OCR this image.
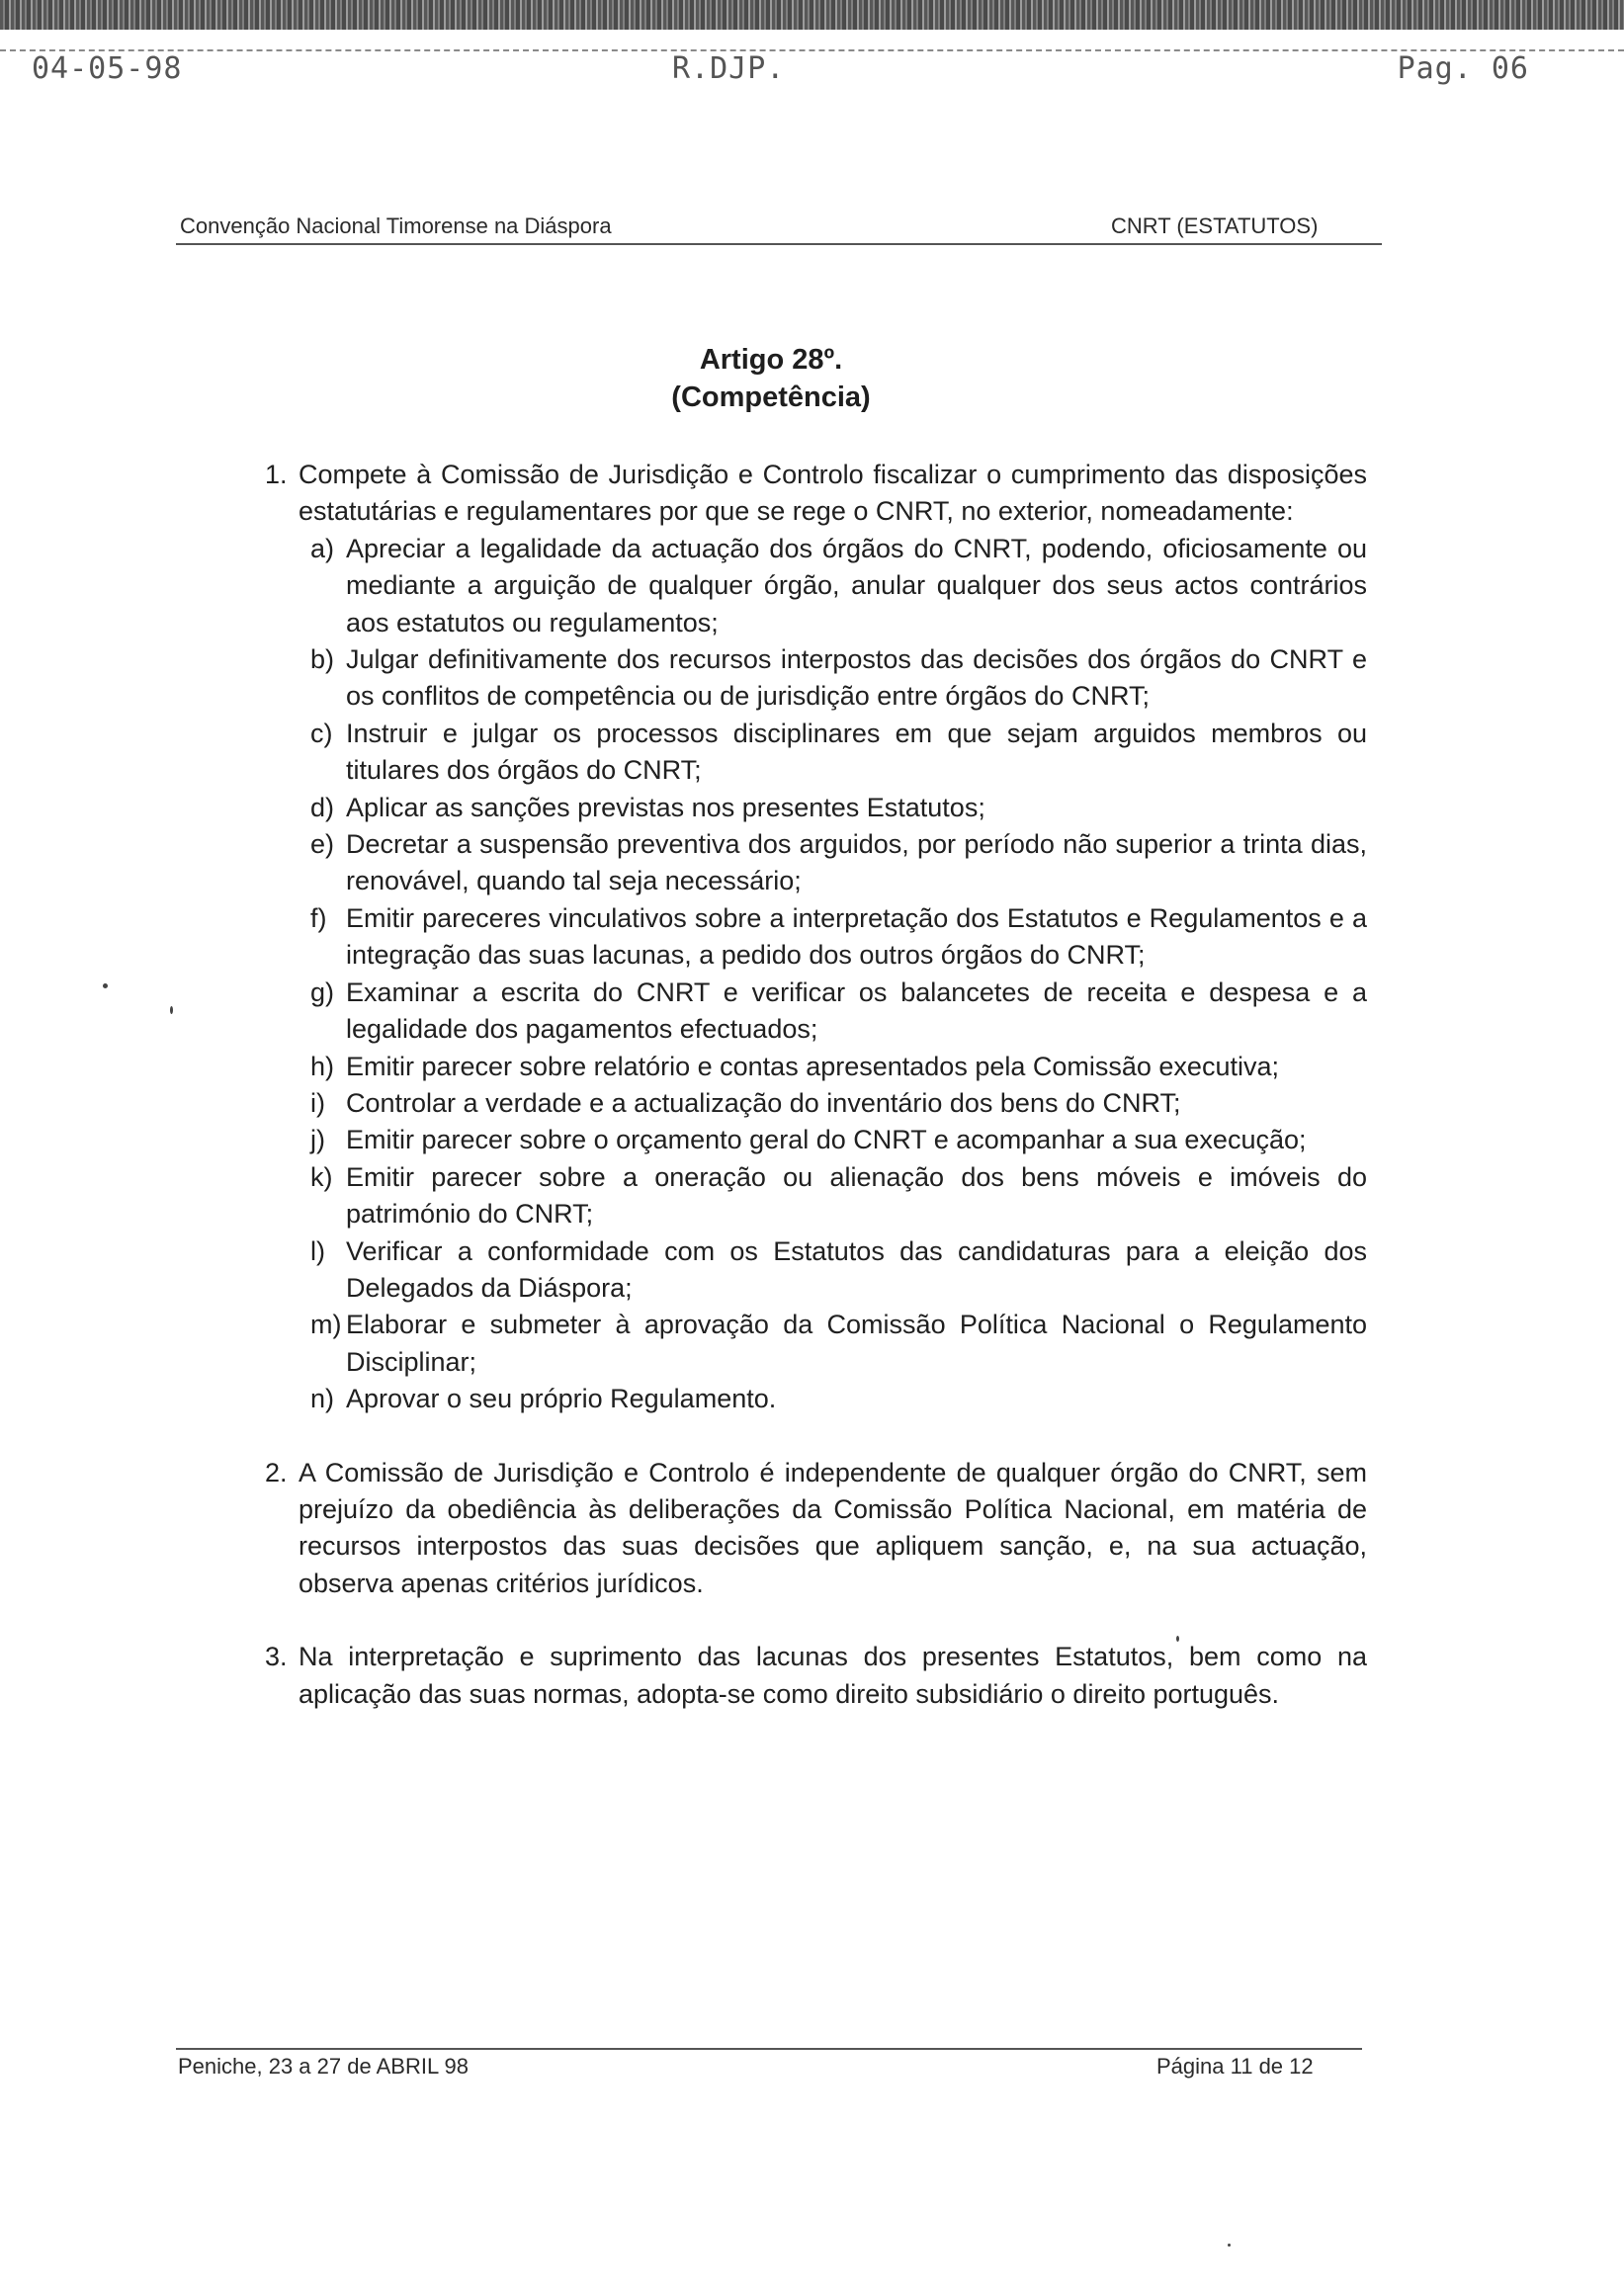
04-05-98	R.DJP.	Pag. 06
Convenção Nacional Timorense na Diáspora	CNRT (ESTATUTOS)
Artigo 28º.
(Competência)
1. Compete à Comissão de Jurisdição e Controlo fiscalizar o cumprimento das disposições estatutárias e regulamentares por que se rege o CNRT, no exterior, nomeadamente:
a) Apreciar a legalidade da actuação dos órgãos do CNRT, podendo, oficiosamente ou mediante a arguição de qualquer órgão, anular qualquer dos seus actos contrários aos estatutos ou regulamentos;
b) Julgar definitivamente dos recursos interpostos das decisões dos órgãos do CNRT e os conflitos de competência ou de jurisdição entre órgãos do CNRT;
c) Instruir e julgar os processos disciplinares em que sejam arguidos membros ou titulares dos órgãos do CNRT;
d) Aplicar as sanções previstas nos presentes Estatutos;
e) Decretar a suspensão preventiva dos arguidos, por período não superior a trinta dias, renovável, quando tal seja necessário;
f) Emitir pareceres vinculativos sobre a interpretação dos Estatutos e Regulamentos e a integração das suas lacunas, a pedido dos outros órgãos do CNRT;
g) Examinar a escrita do CNRT e verificar os balancetes de receita e despesa e a legalidade dos pagamentos efectuados;
h) Emitir parecer sobre relatório e contas apresentados pela Comissão executiva;
i) Controlar a verdade e a actualização do inventário dos bens do CNRT;
j) Emitir parecer sobre o orçamento geral do CNRT e acompanhar a sua execução;
k) Emitir parecer sobre a oneração ou alienação dos bens móveis e imóveis do património do CNRT;
l) Verificar a conformidade com os Estatutos das candidaturas para a eleição dos Delegados da Diáspora;
m) Elaborar e submeter à aprovação da Comissão Política Nacional o Regulamento Disciplinar;
n) Aprovar o seu próprio Regulamento.
2. A Comissão de Jurisdição e Controlo é independente de qualquer órgão do CNRT, sem prejuízo da obediência às deliberações da Comissão Política Nacional, em matéria de recursos interpostos das suas decisões que apliquem sanção, e, na sua actuação, observa apenas critérios jurídicos.
3. Na interpretação e suprimento das lacunas dos presentes Estatutos, bem como na aplicação das suas normas, adopta-se como direito subsidiário o direito português.
Peniche, 23 a 27 de ABRIL 98	Página 11 de 12
